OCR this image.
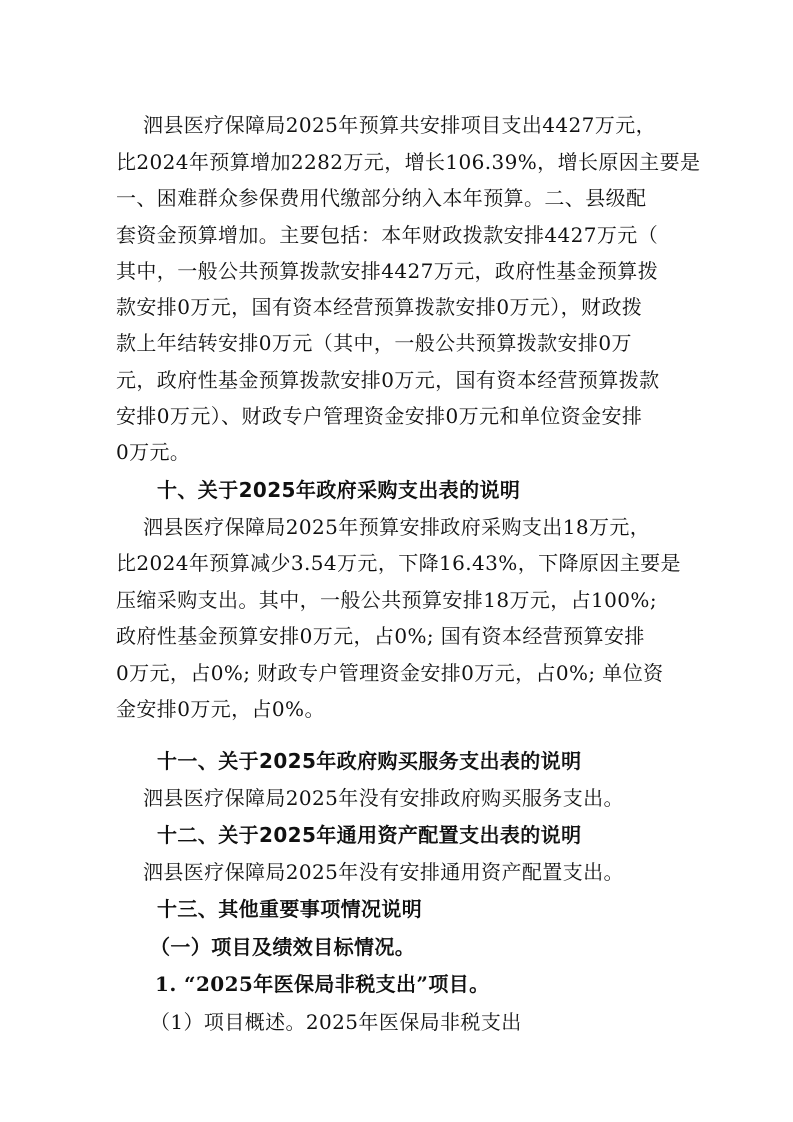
泗县医疗保障局2025年预算共安排项目支出4427万元，
比2024年预算增加2282万元，增长106.39%，增长原因主要是
一、困难群众参保费用代缴部分纳入本年预算。二、县级配
套资金预算增加。主要包括：本年财政拨款安排4427万元（
其中，一般公共预算拨款安排4427万元，政府性基金预算拨
款安排0万元，国有资本经营预算拨款安排0万元），财政拨
款上年结转安排0万元（其中，一般公共预算拨款安排0万
元，政府性基金预算拨款安排0万元，国有资本经营预算拨款
安排0万元）、财政专户管理资金安排0万元和单位资金安排
0万元。
十、关于2025年政府采购支出表的说明
泗县医疗保障局2025年预算安排政府采购支出18万元，
比2024年预算减少3.54万元，下降16.43%，下降原因主要是
压缩采购支出。其中，一般公共预算安排18万元，占100%;
政府性基金预算安排0万元，占0%; 国有资本经营预算安排
0万元，占0%; 财政专户管理资金安排0万元，占0%; 单位资
金安排0万元，占0%。
十一、关于2025年政府购买服务支出表的说明
泗县医疗保障局2025年没有安排政府购买服务支出。
十二、关于2025年通用资产配置支出表的说明
泗县医疗保障局2025年没有安排通用资产配置支出。
十三、其他重要事项情况说明
（一）项目及绩效目标情况。
1. “2025年医保局非税支出”项目。
（1）项目概述。2025年医保局非税支出
